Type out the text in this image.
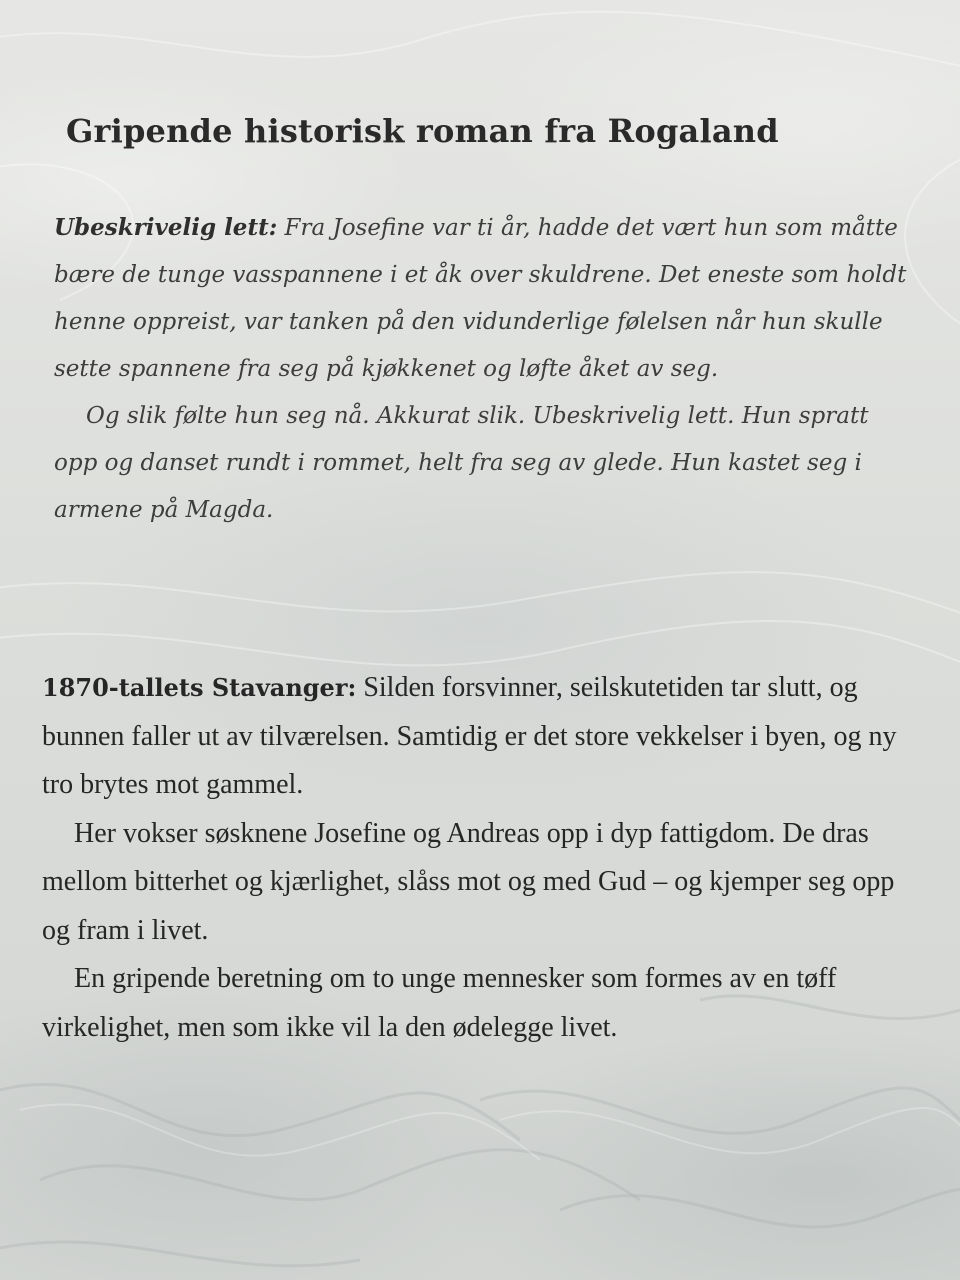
Gripende historisk roman fra Rogaland

Ubeskrivelig lett: Fra Josefine var ti år, hadde det vært hun som måtte bære de tunge vasspannene i et åk over skuldrene. Det eneste som holdt henne oppreist, var tanken på den vidunderlige følelsen når hun skulle sette spannene fra seg på kjøkkenet og løfte åket av seg.

Og slik følte hun seg nå. Akkurat slik. Ubeskrivelig lett. Hun spratt opp og danset rundt i rommet, helt fra seg av glede. Hun kastet seg i armene på Magda.

1870-tallets Stavanger: Silden forsvinner, seilskutetiden tar slutt, og bunnen faller ut av tilværelsen. Samtidig er det store vekkelser i byen, og ny tro brytes mot gammel.

Her vokser søsknene Josefine og Andreas opp i dyp fattigdom. De dras mellom bitterhet og kjærlighet, slåss mot og med Gud – og kjemper seg opp og fram i livet.

En gripende beretning om to unge mennesker som formes av en tøff virkelighet, men som ikke vil la den ødelegge livet.
